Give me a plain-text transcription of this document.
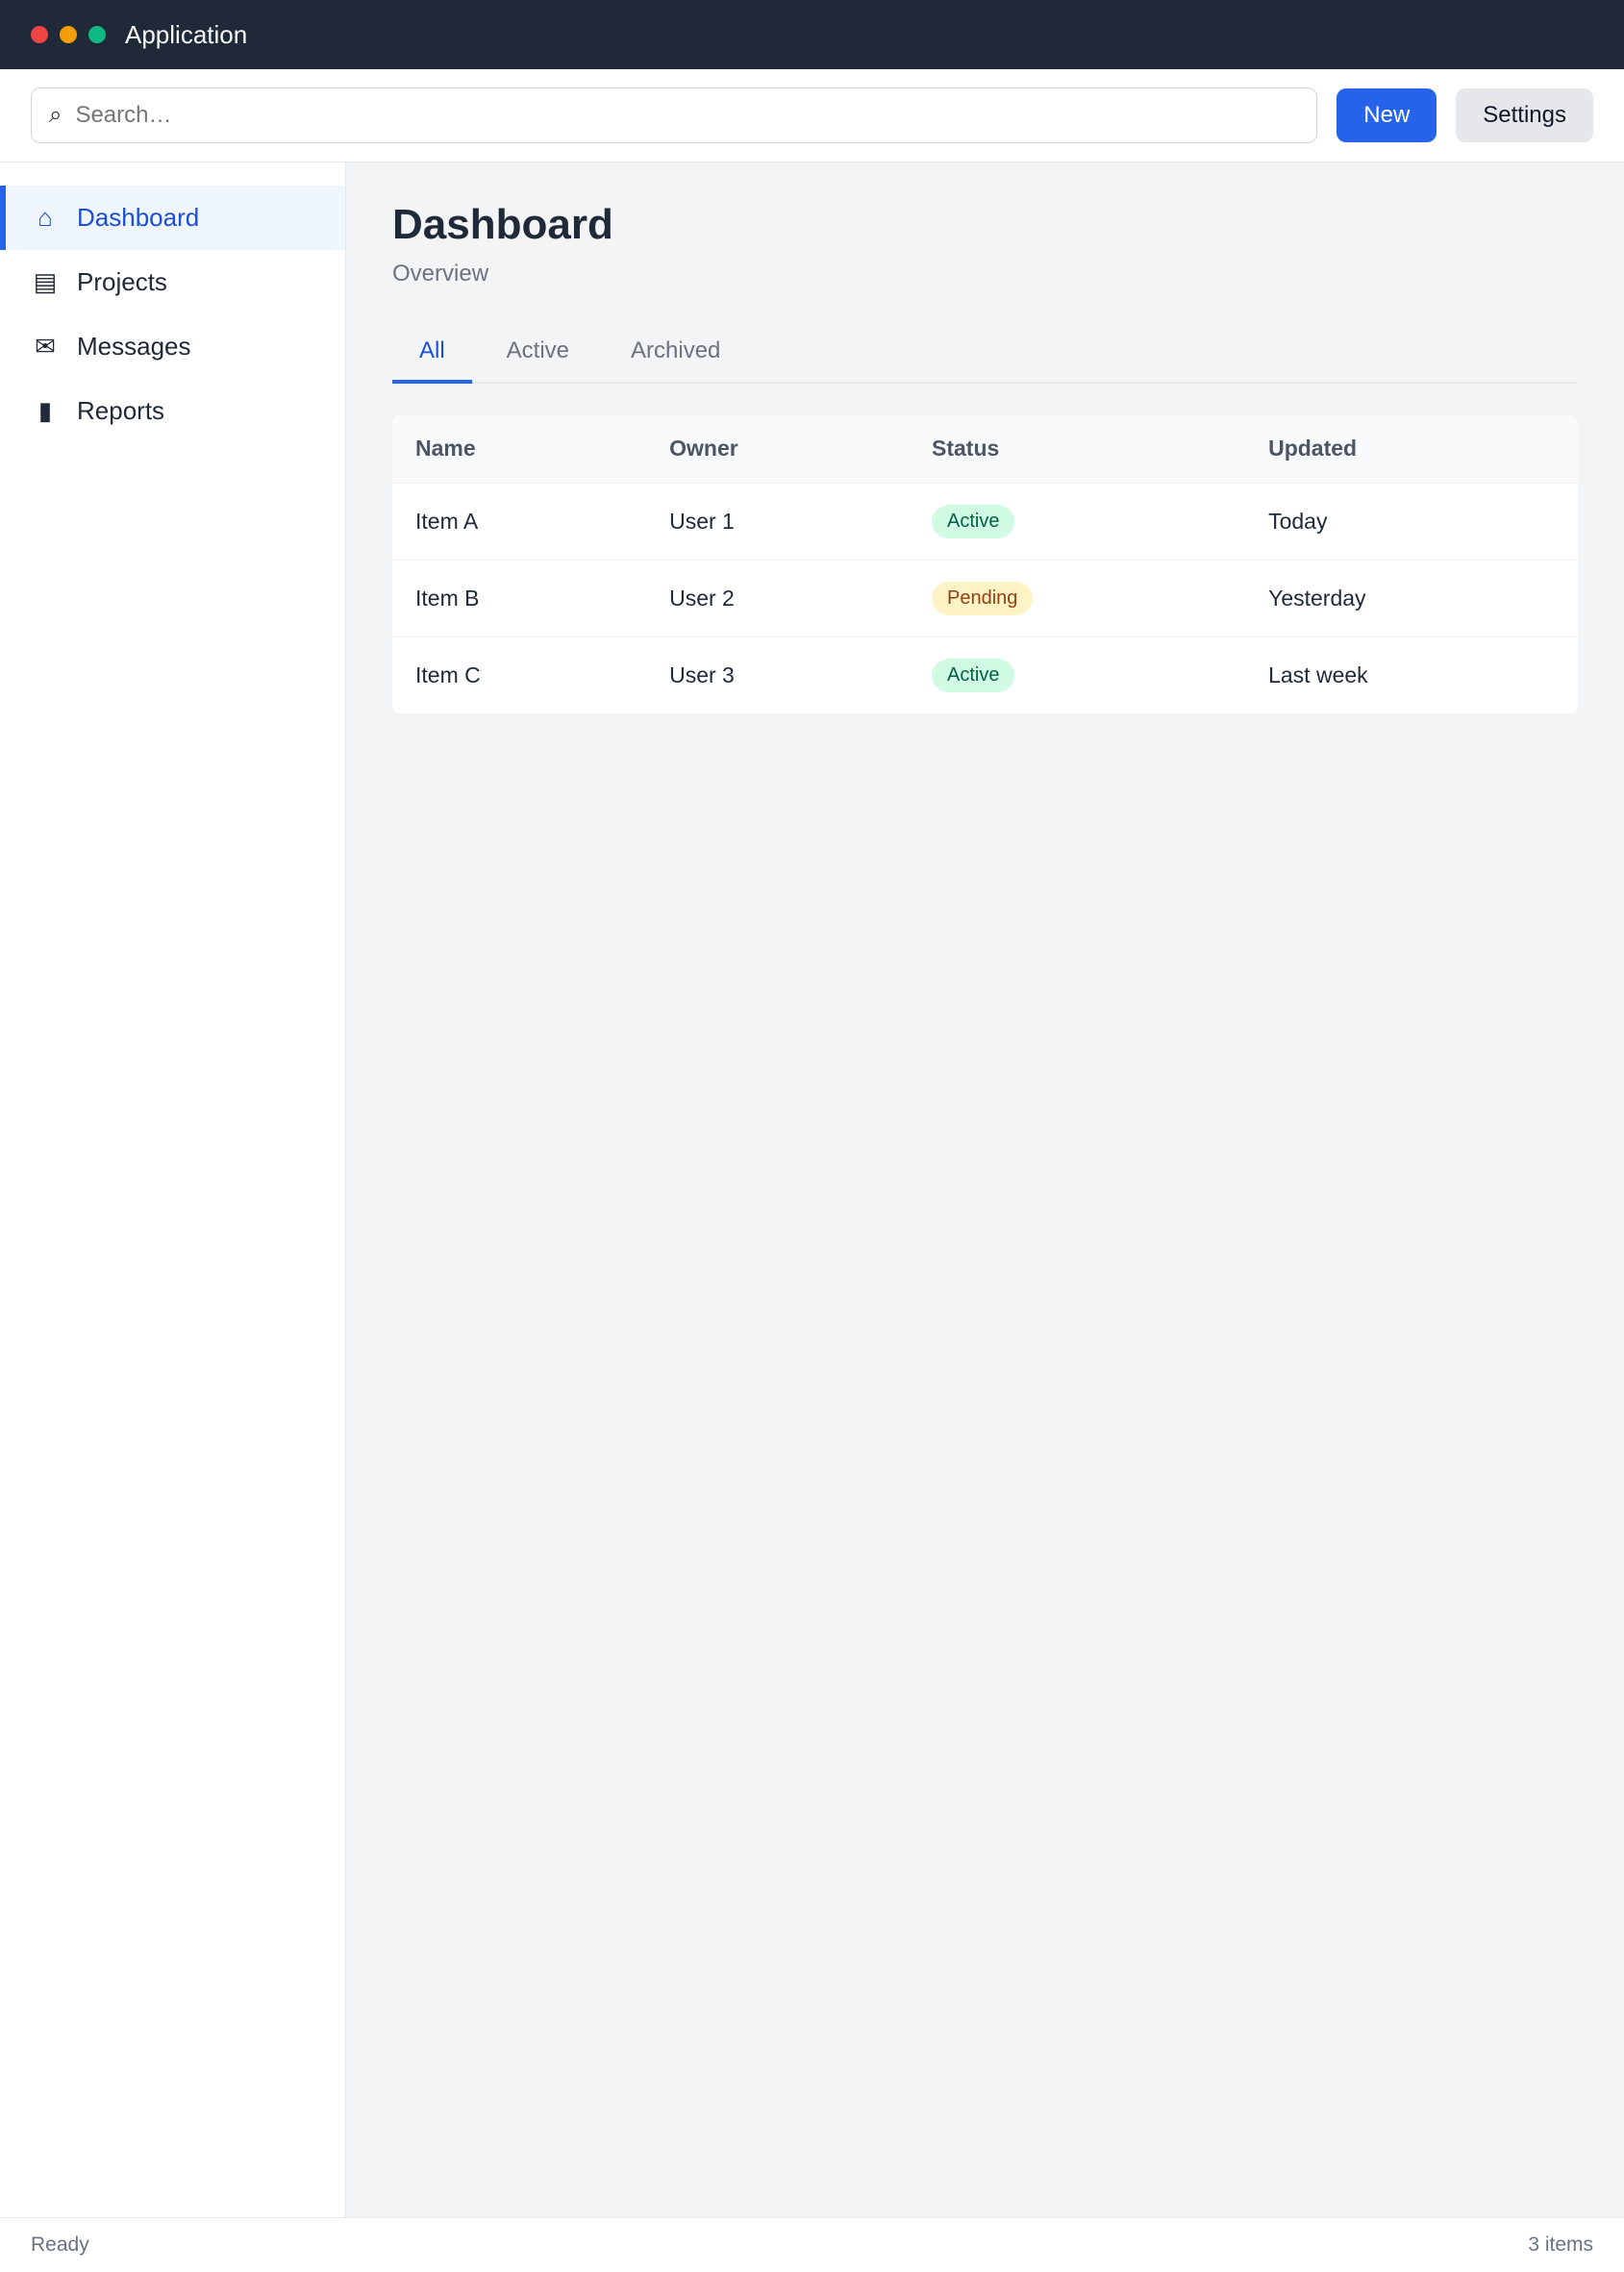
Application
⌕
Search…	New	Settings
⌂ Dashboard
▤ Projects
✉ Messages
▮ Reports
Dashboard

Overview

All	Active	Archived
Name	Owner	Status	Updated
Item A	User 1	Active	Today
Item B	User 2	Pending	Yesterday
Item C	User 3	Active	Last week
Ready	3 items
